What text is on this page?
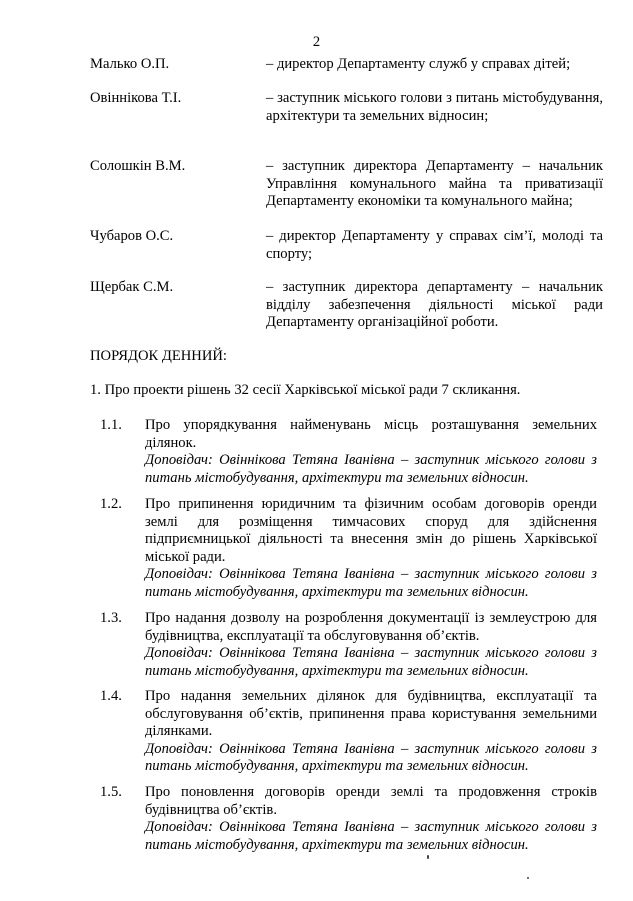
2
Малько О.П.	– директор Департаменту служб у справах дітей;
Овіннікова Т.І.	– заступник міського голови з питань містобудування, архітектури та земельних відносин;
Солошкін В.М.	– заступник директора Департаменту – начальник Управління комунального майна та приватизації Департаменту економіки та комунального майна;
Чубаров О.С.	– директор Департаменту у справах сім’ї, молоді та спорту;
Щербак С.М.	– заступник директора департаменту – начальник відділу забезпечення діяльності міської ради Департаменту організаційної роботи.
ПОРЯДОК ДЕННИЙ:
1. Про проекти рішень 32 сесії Харківської міської ради 7 скликання.
1.1. Про упорядкування найменувань місць розташування земельних ділянок.
Доповідач: Овіннікова Тетяна Іванівна – заступник міського голови з питань містобудування, архітектури та земельних відносин.
1.2. Про припинення юридичним та фізичним особам договорів оренди землі для розміщення тимчасових споруд для здійснення підприємницької діяльності та внесення змін до рішень Харківської міської ради.
Доповідач: Овіннікова Тетяна Іванівна – заступник міського голови з питань містобудування, архітектури та земельних відносин.
1.3. Про надання дозволу на розроблення документації із землеустрою для будівництва, експлуатації та обслуговування об’єктів.
Доповідач: Овіннікова Тетяна Іванівна – заступник міського голови з питань містобудування, архітектури та земельних відносин.
1.4. Про надання земельних ділянок для будівництва, експлуатації та обслуговування об’єктів, припинення права користування земельними ділянками.
Доповідач: Овіннікова Тетяна Іванівна – заступник міського голови з питань містобудування, архітектури та земельних відносин.
1.5. Про поновлення договорів оренди землі та продовження строків будівництва об’єктів.
Доповідач: Овіннікова Тетяна Іванівна – заступник міського голови з питань містобудування, архітектури та земельних відносин.
